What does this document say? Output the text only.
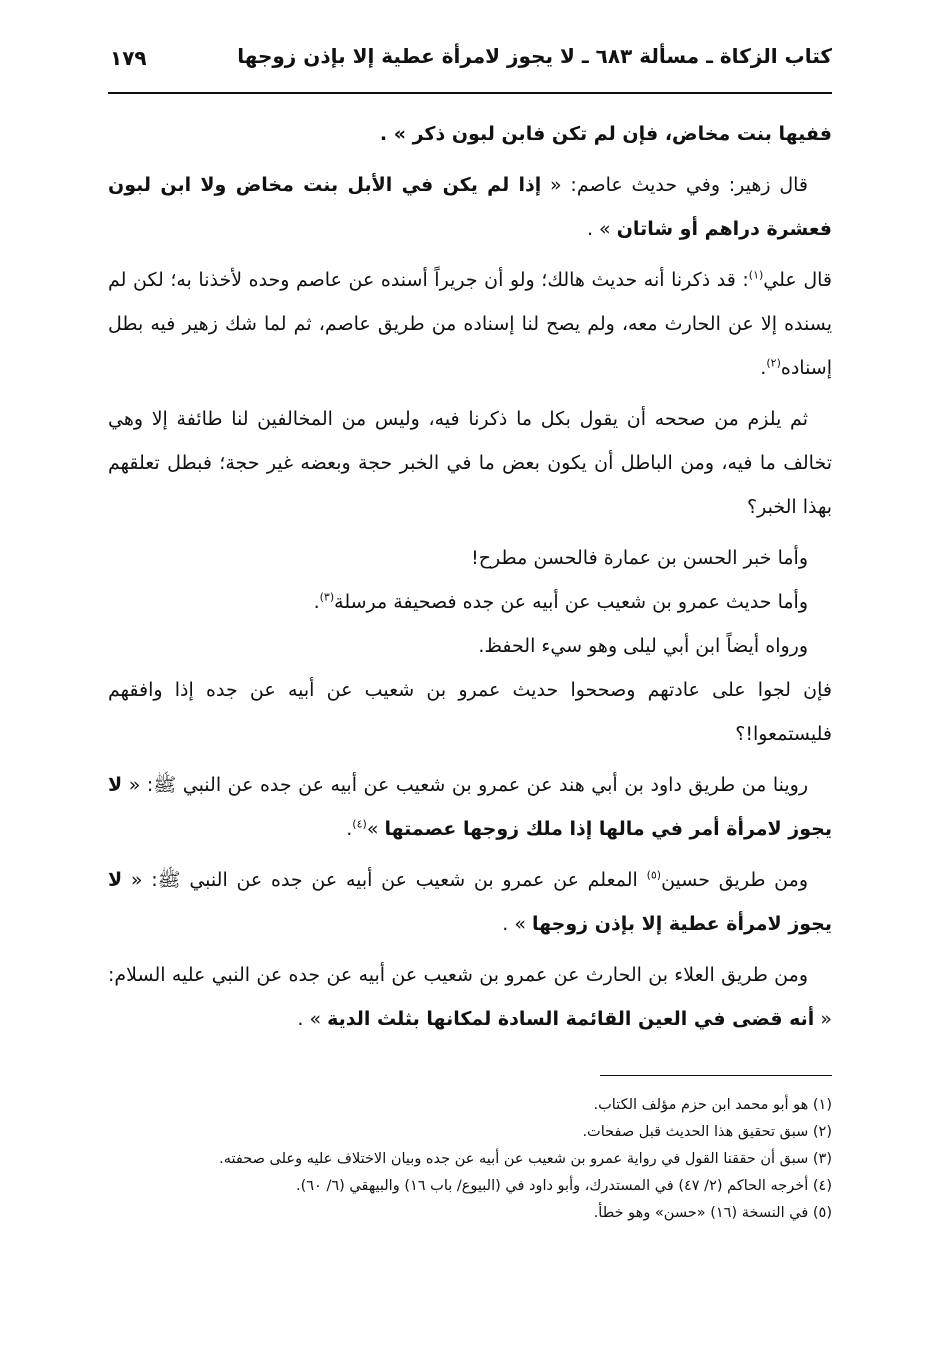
كتاب الزكاة ـ مسألة ٦٨٣ ـ لا يجوز لامرأة عطية إلا بإذن زوجها
١٧٩

ففيها بنت مخاض، فإن لم تكن فابن لبون ذكر » .

قال زهير: وفي حديث عاصم: « إذا لم يكن في الأبل بنت مخاض ولا ابن لبون فعشرة دراهم أو شاتان » .

قال علي$^{(١)}$: قد ذكرنا أنه حديث هالك؛ ولو أن جريراً أسنده عن عاصم وحده لأخذنا به؛ لكن لم يسنده إلا عن الحارث معه، ولم يصح لنا إسناده من طريق عاصم، ثم لما شك زهير فيه بطل إسناده$^{(٢)}$.

ثم يلزم من صححه أن يقول بكل ما ذكرنا فيه، وليس من المخالفين لنا طائفة إلا وهي تخالف ما فيه، ومن الباطل أن يكون بعض ما في الخبر حجة وبعضه غير حجة؛ فبطل تعلقهم بهذا الخبر؟

وأما خبر الحسن بن عمارة فالحسن مطرح!

وأما حديث عمرو بن شعيب عن أبيه عن جده فصحيفة مرسلة$^{(٣)}$.

ورواه أيضاً ابن أبي ليلى وهو سيء الحفظ.

فإن لجوا على عادتهم وصححوا حديث عمرو بن شعيب عن أبيه عن جده إذا وافقهم فليستمعوا!؟

روينا من طريق داود بن أبي هند عن عمرو بن شعيب عن أبيه عن جده عن النبي ﷺ: « لا يجوز لامرأة أمر في مالها إذا ملك زوجها عصمتها »$^{(٤)}$.

ومن طريق حسين$^{(٥)}$ المعلم عن عمرو بن شعيب عن أبيه عن جده عن النبي ﷺ: « لا يجوز لامرأة عطية إلا بإذن زوجها » .

ومن طريق العلاء بن الحارث عن عمرو بن شعيب عن أبيه عن جده عن النبي عليه السلام: « أنه قضى في العين القائمة السادة لمكانها بثلث الدية » .

(١) هو أبو محمد ابن حزم مؤلف الكتاب.
(٢) سبق تحقيق هذا الحديث قبل صفحات.
(٣) سبق أن حققنا القول في رواية عمرو بن شعيب عن أبيه عن جده وبيان الاختلاف عليه وعلى صحفته.
(٤) أخرجه الحاكم (٢/ ٤٧) في المستدرك، وأبو داود في (البيوع/ باب ١٦) والبيهقي (٦/ ٦٠).
(٥) في النسخة (١٦) «حسن» وهو خطأ.
